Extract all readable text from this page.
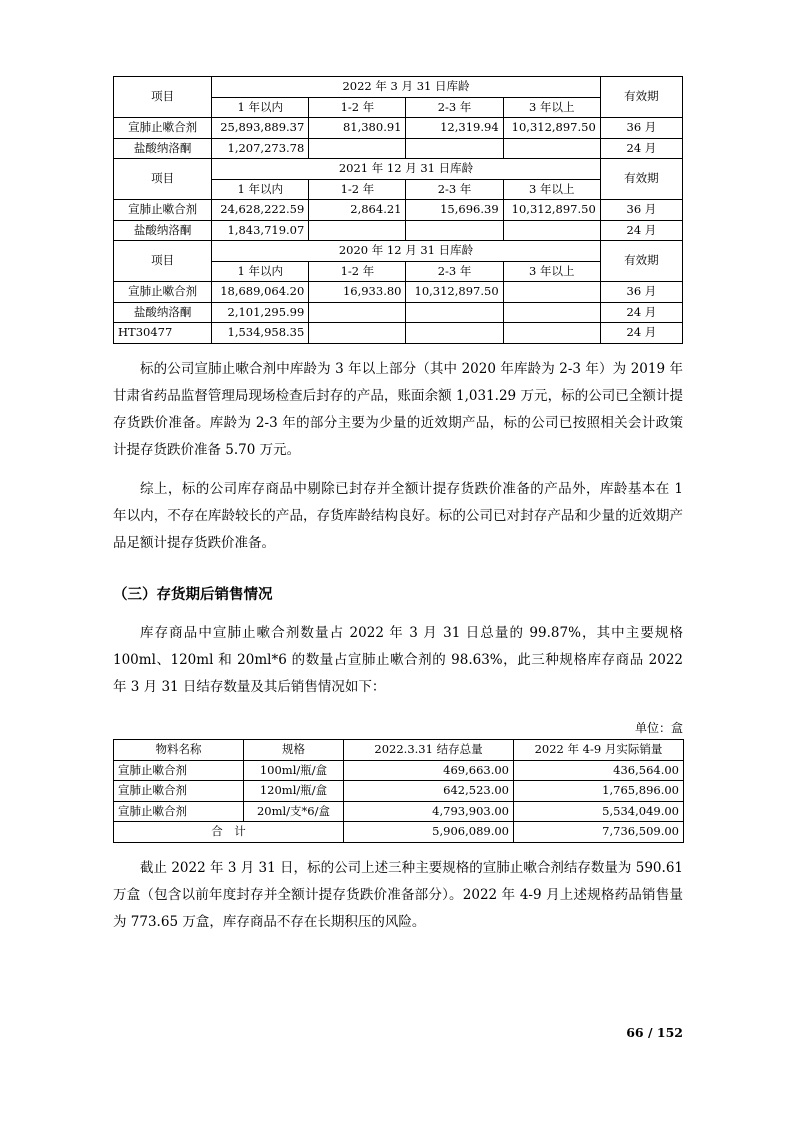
项目	2022 年 3 月 31 日库龄				有效期
	1 年以内	1-2 年	2-3 年	3 年以上	
宣肺止嗽合剂	25,893,889.37	81,380.91	12,319.94	10,312,897.50	36 月
盐酸纳洛酮	1,207,273.78				24 月
项目	2021 年 12 月 31 日库龄				有效期
	1 年以内	1-2 年	2-3 年	3 年以上	
宣肺止嗽合剂	24,628,222.59	2,864.21	15,696.39	10,312,897.50	36 月
盐酸纳洛酮	1,843,719.07				24 月
项目	2020 年 12 月 31 日库龄				有效期
	1 年以内	1-2 年	2-3 年	3 年以上	
宣肺止嗽合剂	18,689,064.20	16,933.80	10,312,897.50		36 月
盐酸纳洛酮	2,101,295.99				24 月
HT30477	1,534,958.35				24 月

标的公司宣肺止嗽合剂中库龄为 3 年以上部分（其中 2020 年库龄为 2-3 年）为 2019 年甘肃省药品监督管理局现场检查后封存的产品，账面余额 1,031.29 万元，标的公司已全额计提存货跌价准备。库龄为 2-3 年的部分主要为少量的近效期产品，标的公司已按照相关会计政策计提存货跌价准备 5.70 万元。

综上，标的公司库存商品中剔除已封存并全额计提存货跌价准备的产品外，库龄基本在 1 年以内，不存在库龄较长的产品，存货库龄结构良好。标的公司已对封存产品和少量的近效期产品足额计提存货跌价准备。

（三）存货期后销售情况

库存商品中宣肺止嗽合剂数量占 2022 年 3 月 31 日总量的 99.87%，其中主要规格 100ml、120ml 和 20ml*6 的数量占宣肺止嗽合剂的 98.63%，此三种规格库存商品 2022 年 3 月 31 日结存数量及其后销售情况如下：

单位：盒
物料名称	规格	2022.3.31 结存总量	2022 年 4-9 月实际销量
宣肺止嗽合剂	100ml/瓶/盒	469,663.00	436,564.00
宣肺止嗽合剂	120ml/瓶/盒	642,523.00	1,765,896.00
宣肺止嗽合剂	20ml/支*6/盒	4,793,903.00	5,534,049.00
合　计		5,906,089.00	7,736,509.00

截止 2022 年 3 月 31 日，标的公司上述三种主要规格的宣肺止嗽合剂结存数量为 590.61 万盒（包含以前年度封存并全额计提存货跌价准备部分）。2022 年 4-9 月上述规格药品销售量为 773.65 万盒，库存商品不存在长期积压的风险。

66 / 152
